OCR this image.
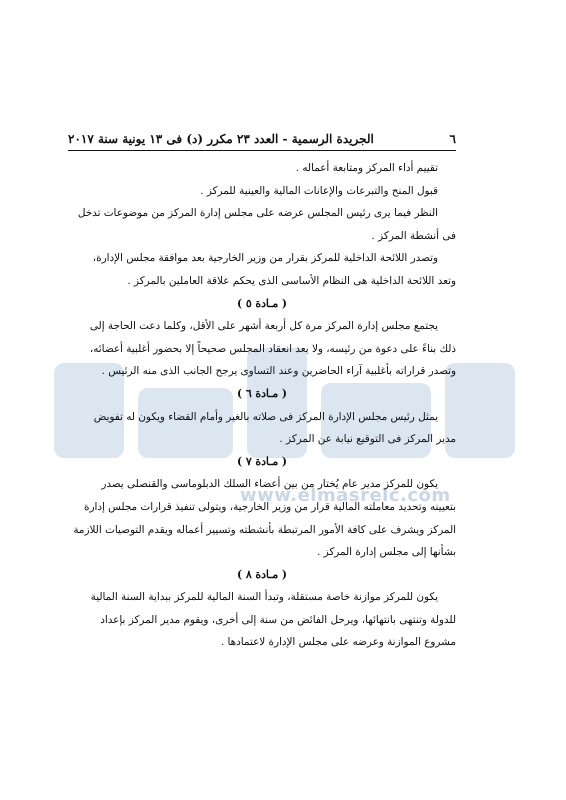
www.elmasrelc.com
٦
الجريدة الرسمية - العدد ٢٣ مكرر (د) فى ١٣ يونية سنة ٢٠١٧
تقييم أداء المركز ومتابعة أعماله .
قبول المنح والتبرعات والإعانات المالية والعينية للمركز .
النظر فيما يرى رئيس المجلس عرضه على مجلس إدارة المركز من موضوعات تدخل
فى أنشطة المركز .
وتصدر اللائحة الداخلية للمركز بقرار من وزير الخارجية بعد موافقة مجلس الإدارة،
وتعد اللائحة الداخلية هى النظام الأساسى الذى يحكم علاقة العاملين بالمركز .
( مـادة ٥ )
يجتمع مجلس إدارة المركز مرة كل أربعة أشهر على الأقل، وكلما دعت الحاجة إلى
ذلك بناءً على دعوة من رئيسه، ولا يعد انعقاد المجلس صحيحاً إلا بحضور أغلبية أعضائه،
وتصدر قراراته بأغلبية آراء الحاضرين وعند التساوى يرجح الجانب الذى منه الرئيس .
( مـادة ٦ )
يمثل رئيس مجلس الإدارة المركز فى صلاته بالغير وأمام القضاء ويكون له تفويض
مدير المركز فى التوقيع نيابة عن المركز .
( مـادة ٧ )
يكون للمركز مدير عام يُختار من بين أعضاء السلك الدبلوماسى والقنصلى يصدر
بتعيينه وتحديد معاملته المالية قرار من وزير الخارجية، ويتولى تنفيذ قرارات مجلس إدارة
المركز ويشرف على كافة الأمور المرتبطة بأنشطته وتسيير أعماله ويقدم التوصيات اللازمة
بشأنها إلى مجلس إدارة المركز .
( مـادة ٨ )
يكون للمركز موازنة خاصة مستقلة، وتبدأ السنة المالية للمركز ببداية السنة المالية
للدولة وتنتهى بانتهائها، ويرحل الفائض من سنة إلى أخرى، ويقوم مدير المركز بإعداد
مشروع الموازنة وعرضه على مجلس الإدارة لاعتمادها .
